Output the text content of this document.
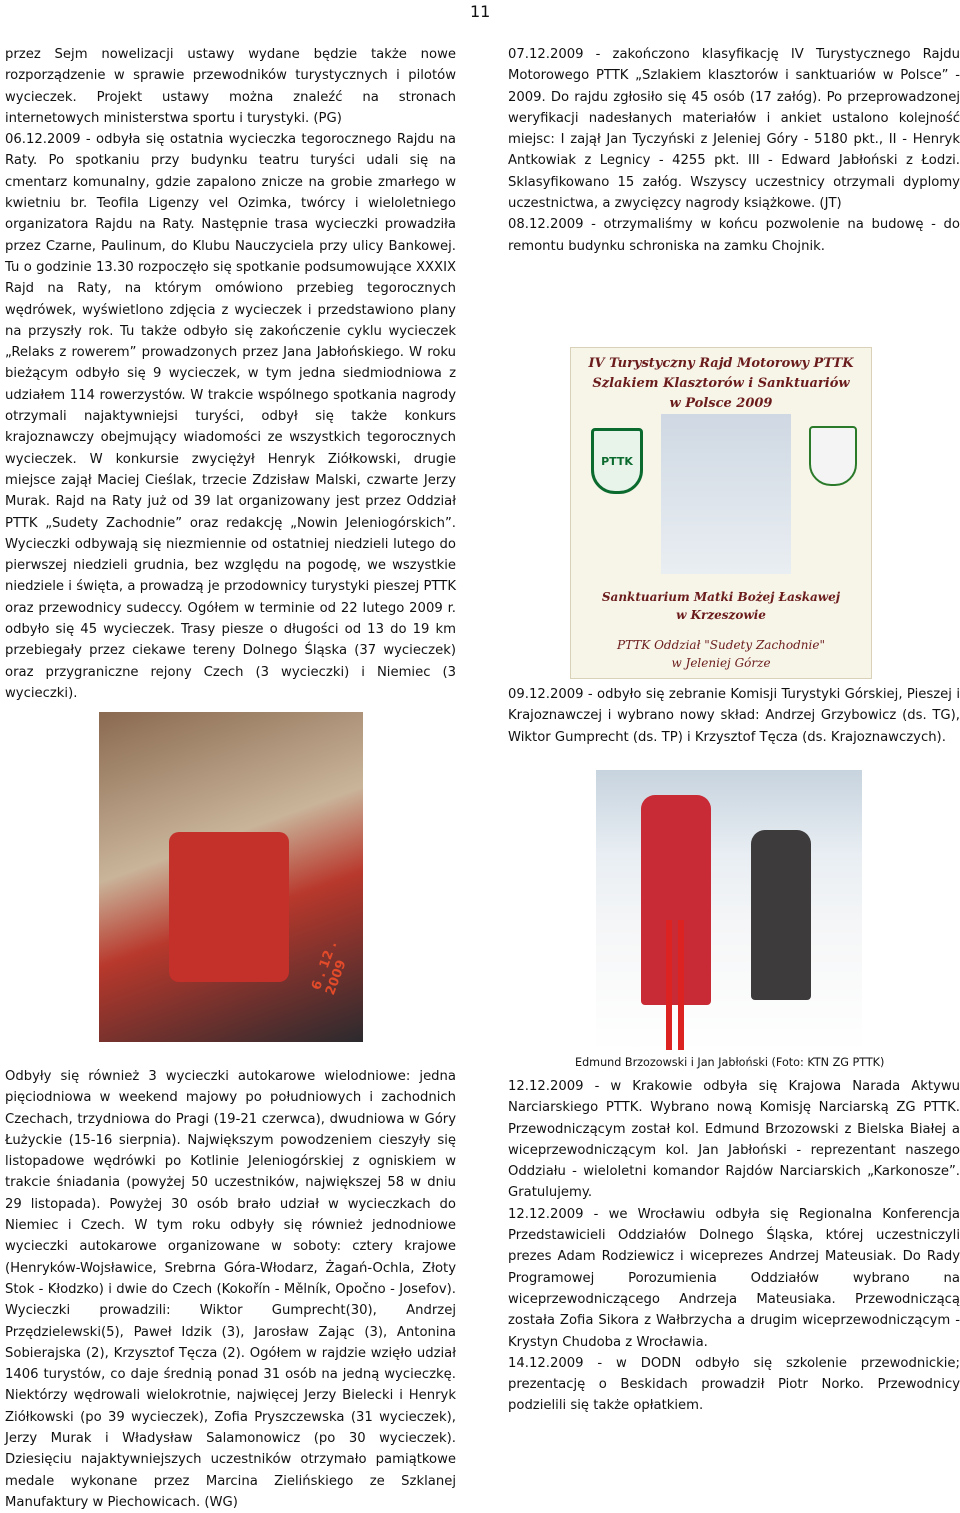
11

przez Sejm nowelizacji ustawy wydane będzie także nowe rozporządzenie w sprawie przewodników turystycznych i pilotów wycieczek. Projekt ustawy można znaleźć na stronach internetowych ministerstwa sportu i turystyki. (PG)

06.12.2009 - odbyła się ostatnia wycieczka tegorocznego Rajdu na Raty. Po spotkaniu przy budynku teatru turyści udali się na cmentarz komunalny, gdzie zapalono znicze na grobie zmarłego w kwietniu br. Teofila Ligenzy vel Ozimka, twórcy i wieloletniego organizatora Rajdu na Raty. Następnie trasa wycieczki prowadziła przez Czarne, Paulinum, do Klubu Nauczyciela przy ulicy Bankowej. Tu o godzinie 13.30 rozpoczęło się spotkanie podsumowujące XXXIX Rajd na Raty, na którym omówiono przebieg tegorocznych wędrówek, wyświetlono zdjęcia z wycieczek i przedstawiono plany na przyszły rok. Tu także odbyło się zakończenie cyklu wycieczek „Relaks z rowerem” prowadzonych przez Jana Jabłońskiego. W roku bieżącym odbyło się 9 wycieczek, w tym jedna siedmiodniowa z udziałem 114 rowerzystów. W trakcie wspólnego spotkania nagrody otrzymali najaktywniejsi turyści, odbył się także konkurs krajoznawczy obejmujący wiadomości ze wszystkich tegorocznych wycieczek. W konkursie zwyciężył Henryk Ziółkowski, drugie miejsce zajął Maciej Cieślak, trzecie Zdzisław Malski, czwarte Jerzy Murak. Rajd na Raty już od 39 lat organizowany jest przez Oddział PTTK „Sudety Zachodnie” oraz redakcję „Nowin Jeleniogórskich”. Wycieczki odbywają się niezmiennie od ostatniej niedzieli lutego do pierwszej niedzieli grudnia, bez względu na pogodę, we wszystkie niedziele i święta, a prowadzą je przodownicy turystyki pieszej PTTK oraz przewodnicy sudeccy. Ogółem w terminie od 22 lutego 2009 r. odbyło się 45 wycieczek. Trasy piesze o długości od 13 do 19 km przebiegały przez ciekawe tereny Dolnego Śląska (37 wycieczek) oraz przygraniczne rejony Czech (3 wycieczki) i Niemiec (3 wycieczki).

6 . 12 . 2009

Odbyły się również 3 wycieczki autokarowe wielodniowe: jedna pięciodniowa w weekend majowy po południowych i zachodnich Czechach, trzydniowa do Pragi (19-21 czerwca), dwudniowa w Góry Łużyckie (15-16 sierpnia). Największym powodzeniem cieszyły się listopadowe wędrówki po Kotlinie Jeleniogórskiej z ogniskiem w trakcie śniadania (powyżej 50 uczestników, największej 58 w dniu 29 listopada). Powyżej 30 osób brało udział w wycieczkach do Niemiec i Czech. W tym roku odbyły się również jednodniowe wycieczki autokarowe organizowane w soboty: cztery krajowe (Henryków-Wojsławice, Srebrna Góra-Włodarz, Żagań-Ochla, Złoty Stok - Kłodzko) i dwie do Czech (Kokořín - Mělník, Opočno - Josefov). Wycieczki prowadzili: Wiktor Gumprecht(30), Andrzej Przędzielewski(5), Paweł Idzik (3), Jarosław Zając (3), Antonina Sobierajska (2), Krzysztof Tęcza (2). Ogółem w rajdzie wzięło udział 1406 turystów, co daje średnią ponad 31 osób na jedną wycieczkę. Niektórzy wędrowali wielokrotnie, najwięcej Jerzy Bielecki i Henryk Ziółkowski (po 39 wycieczek), Zofia Pryszczewska (31 wycieczek), Jerzy Murak i Władysław Salamonowicz (po 30 wycieczek). Dziesięciu najaktywniejszych uczestników otrzymało pamiątkowe medale wykonane przez Marcina Zielińskiego ze Szklanej Manufaktury w Piechowicach. (WG)

07.12.2009 - zakończono klasyfikację IV Turystycznego Rajdu Motorowego PTTK „Szlakiem klasztorów i sanktuariów w Polsce” - 2009. Do rajdu zgłosiło się 45 osób (17 załóg). Po przeprowadzonej weryfikacji nadesłanych materiałów i ankiet ustalono kolejność miejsc: I zajął Jan Tyczyński z Jeleniej Góry - 5180 pkt., II - Henryk Antkowiak z Legnicy - 4255 pkt. III - Edward Jabłoński z Łodzi. Sklasyfikowano 15 załóg. Wszyscy uczestnicy otrzymali dyplomy uczestnictwa, a zwycięzcy nagrody książkowe. (JT)

08.12.2009 - otrzymaliśmy w końcu pozwolenie na budowę - do remontu budynku schroniska na zamku Chojnik.

IV Turystyczny Rajd Motorowy PTTK
Szlakiem Klasztorów i Sanktuariów
w Polsce 2009
PTTK
Sanktuarium Matki Bożej Łaskawej
w Krzeszowie
PTTK Oddział "Sudety Zachodnie"
w Jeleniej Górze

09.12.2009 - odbyło się zebranie Komisji Turystyki Górskiej, Pieszej i Krajoznawczej i wybrano nowy skład: Andrzej Grzybowicz (ds. TG), Wiktor Gumprecht (ds. TP) i Krzysztof Tęcza (ds. Krajoznawczych).

Edmund Brzozowski i Jan Jabłoński (Foto: KTN ZG PTTK)

12.12.2009 - w Krakowie odbyła się Krajowa Narada Aktywu Narciarskiego PTTK. Wybrano nową Komisję Narciarską ZG PTTK. Przewodniczącym został kol. Edmund Brzozowski z Bielska Białej a wiceprzewodniczącym kol. Jan Jabłoński - reprezentant naszego Oddziału - wieloletni komandor Rajdów Narciarskich „Karkonosze”. Gratulujemy.

12.12.2009 - we Wrocławiu odbyła się Regionalna Konferencja Przedstawicieli Oddziałów Dolnego Śląska, której uczestniczyli prezes Adam Rodziewicz i wiceprezes Andrzej Mateusiak. Do Rady Programowej Porozumienia Oddziałów wybrano na wiceprzewodniczącego Andrzeja Mateusiaka. Przewodniczącą została Zofia Sikora z Wałbrzycha a drugim wiceprzewodniczącym - Krystyn Chudoba z Wrocławia.

14.12.2009 - w DODN odbyło się szkolenie przewodnickie; prezentację o Beskidach prowadził Piotr Norko. Przewodnicy podzielili się także opłatkiem.
